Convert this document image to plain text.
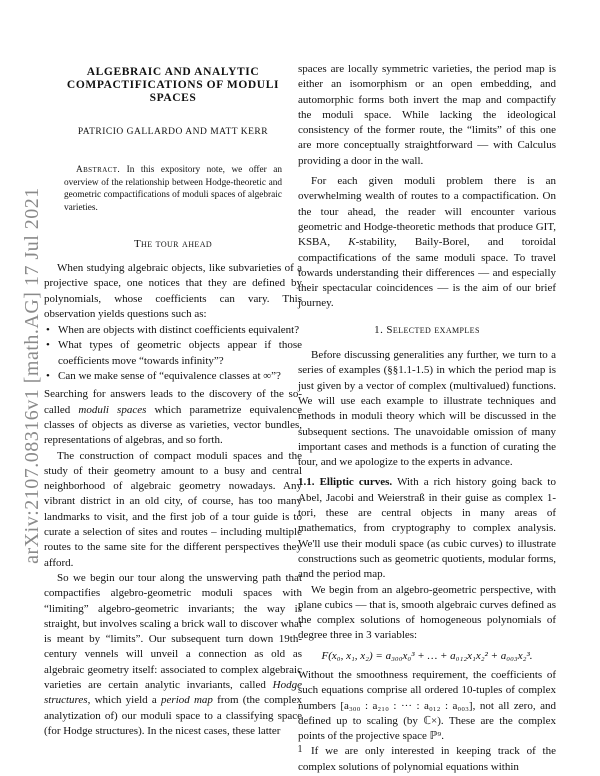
arXiv:2107.08316v1 [math.AG] 17 Jul 2021
ALGEBRAIC AND ANALYTIC COMPACTIFICATIONS OF MODULI SPACES
PATRICIO GALLARDO AND MATT KERR
Abstract. In this expository note, we offer an overview of the relationship between Hodge-theoretic and geometric compactifications of moduli spaces of algebraic varieties.
The tour ahead

When studying algebraic objects, like subvarieties of a projective space, one notices that they are defined by polynomials, whose coefficients can vary. This observation yields questions such as:

• When are objects with distinct coefficients equivalent?
• What types of geometric objects appear if those coefficients move “towards infinity”?
• Can we make sense of “equivalence classes at ∞”?

Searching for answers leads to the discovery of the so-called moduli spaces which parametrize equivalence classes of objects as diverse as varieties, vector bundles, representations of algebras, and so forth.

The construction of compact moduli spaces and the study of their geometry amount to a busy and central neighborhood of algebraic geometry nowadays. Any vibrant district in an old city, of course, has too many landmarks to visit, and the first job of a tour guide is to curate a selection of sites and routes – including multiple routes to the same site for the different perspectives they afford.

So we begin our tour along the unswerving path that compactifies algebro-geometric moduli spaces with “limiting” algebro-geometric invariants; the way is straight, but involves scaling a brick wall to discover what is meant by “limits”. Our subsequent turn down 19th-century vennels will unveil a connection as old as algebraic geometry itself: associated to complex algebraic varieties are certain analytic invariants, called Hodge structures, which yield a period map from (the complex analytization of) our moduli space to a classifying space (for Hodge structures). In the nicest cases, these latter

spaces are locally symmetric varieties, the period map is either an isomorphism or an open embedding, and automorphic forms both invert the map and compactify the moduli space. While lacking the ideological consistency of the former route, the “limits” of this one are more conceptually straightforward — with Calculus providing a door in the wall.

For each given moduli problem there is an overwhelming wealth of routes to a compactification. On the tour ahead, the reader will encounter various geometric and Hodge-theoretic methods that produce GIT, KSBA, K-stability, Baily-Borel, and toroidal compactifications of the same moduli space. To travel towards understanding their differences — and especially their spectacular coincidences — is the aim of our brief journey.

1. Selected examples

Before discussing generalities any further, we turn to a series of examples (§§1.1-1.5) in which the period map is just given by a vector of complex (multivalued) functions. We will use each example to illustrate techniques and methods in moduli theory which will be discussed in the subsequent sections. The unavoidable omission of many important cases and methods is a function of curating the tour, and we apologize to the experts in advance.

1.1. Elliptic curves. With a rich history going back to Abel, Jacobi and Weierstraß in their guise as complex 1-tori, these are central objects in many areas of mathematics, from cryptography to complex analysis. We'll use their moduli space (as cubic curves) to illustrate constructions such as geometric quotients, modular forms, and the period map.

We begin from an algebro-geometric perspective, with plane cubics — that is, smooth algebraic curves defined as the complex solutions of homogeneous polynomials of degree three in 3 variables:

F(x₀, x₁, x₂) = a₃₀₀x₀³ + … + a₀₁₂x₁x₂² + a₀₀₃x₂³.

Without the smoothness requirement, the coefficients of such equations comprise all ordered 10-tuples of complex numbers [a₃₀₀ : a₂₁₀ : ··· : a₀₁₂ : a₀₀₃], not all zero, and defined up to scaling (by ℂ×). These are the complex points of the projective space ℙ⁹.

If we are only interested in keeping track of the complex solutions of polynomial equations within

1
